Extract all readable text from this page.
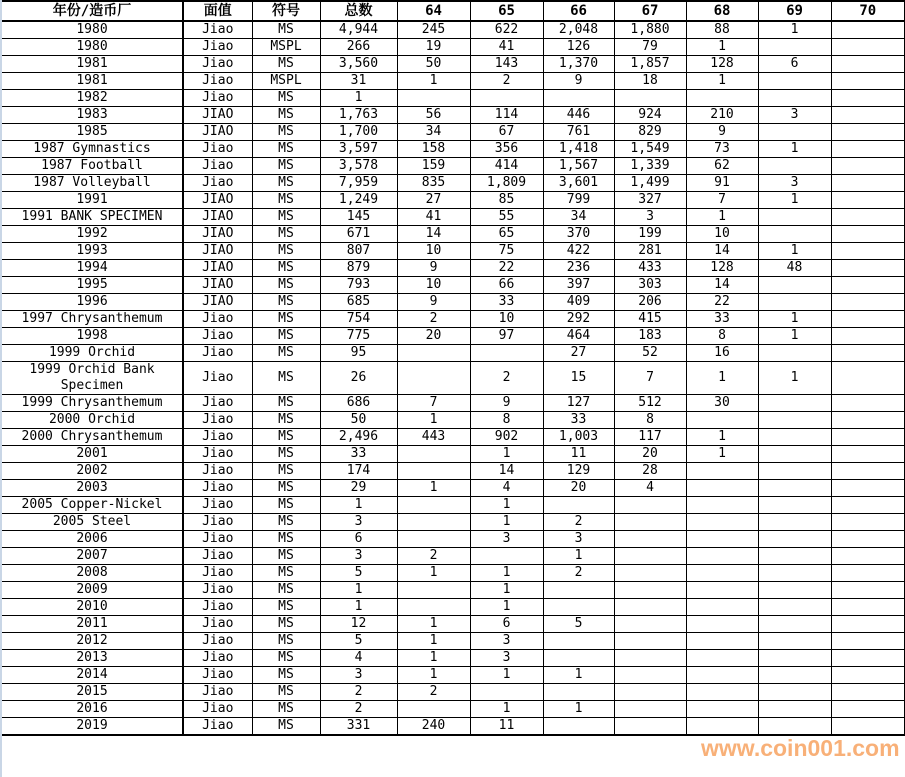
年份/造币厂	面值	符号	总数	64	65	66	67	68	69	70
1980	Jiao	MS	4,944	245	622	2,048	1,880	88	1	
1980	Jiao	MSPL	266	19	41	126	79	1		
1981	Jiao	MS	3,560	50	143	1,370	1,857	128	6	
1981	Jiao	MSPL	31	1	2	9	18	1		
1982	Jiao	MS	1							
1983	JIAO	MS	1,763	56	114	446	924	210	3	
1985	JIAO	MS	1,700	34	67	761	829	9		
1987 Gymnastics	Jiao	MS	3,597	158	356	1,418	1,549	73	1	
1987 Football	Jiao	MS	3,578	159	414	1,567	1,339	62		
1987 Volleyball	Jiao	MS	7,959	835	1,809	3,601	1,499	91	3	
1991	JIAO	MS	1,249	27	85	799	327	7	1	
1991 BANK SPECIMEN	JIAO	MS	145	41	55	34	3	1		
1992	JIAO	MS	671	14	65	370	199	10		
1993	JIAO	MS	807	10	75	422	281	14	1	
1994	JIAO	MS	879	9	22	236	433	128	48	
1995	JIAO	MS	793	10	66	397	303	14		
1996	JIAO	MS	685	9	33	409	206	22		
1997 Chrysanthemum	Jiao	MS	754	2	10	292	415	33	1	
1998	Jiao	MS	775	20	97	464	183	8	1	
1999 Orchid	Jiao	MS	95			27	52	16		
1999 Orchid Bank Specimen	Jiao	MS	26		2	15	7	1	1	
1999 Chrysanthemum	Jiao	MS	686	7	9	127	512	30		
2000 Orchid	Jiao	MS	50	1	8	33	8			
2000 Chrysanthemum	Jiao	MS	2,496	443	902	1,003	117	1		
2001	Jiao	MS	33		1	11	20	1		
2002	Jiao	MS	174		14	129	28			
2003	Jiao	MS	29	1	4	20	4			
2005 Copper-Nickel	Jiao	MS	1		1					
2005 Steel	Jiao	MS	3		1	2				
2006	Jiao	MS	6		3	3				
2007	Jiao	MS	3	2		1				
2008	Jiao	MS	5	1	1	2				
2009	Jiao	MS	1		1					
2010	Jiao	MS	1		1					
2011	Jiao	MS	12	1	6	5				
2012	Jiao	MS	5	1	3					
2013	Jiao	MS	4	1	3					
2014	Jiao	MS	3	1	1	1				
2015	Jiao	MS	2	2						
2016	Jiao	MS	2		1	1				
2019	Jiao	MS	331	240	11					
www.coin001.com
